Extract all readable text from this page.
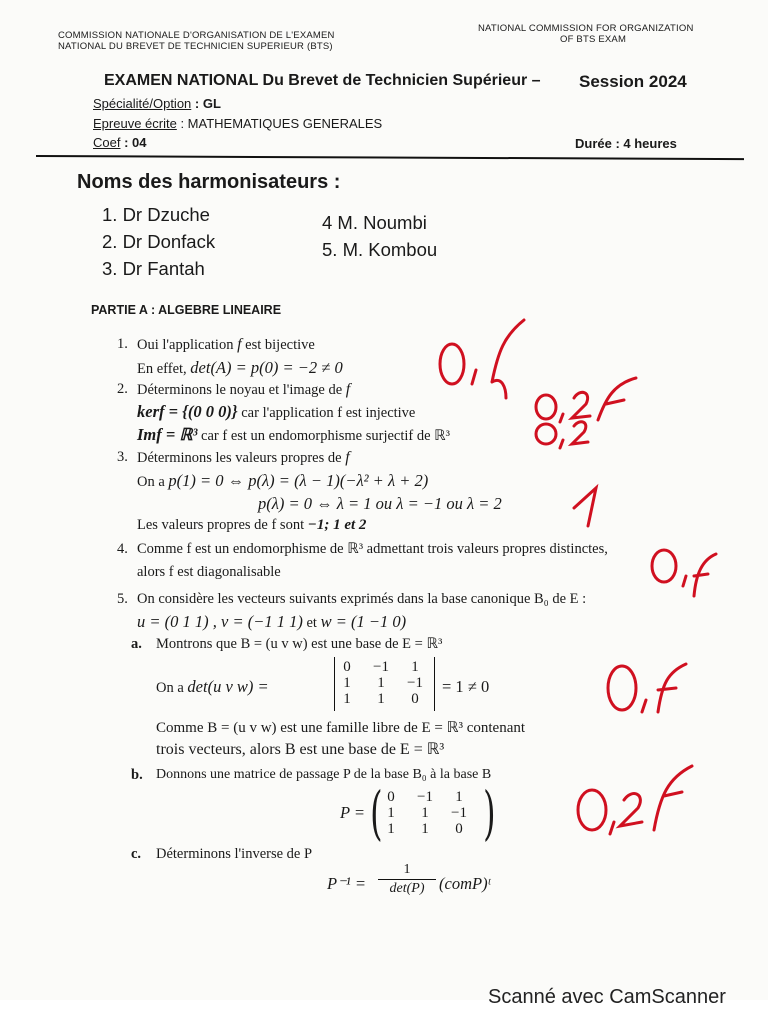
COMMISSION NATIONALE D'ORGANISATION DE L'EXAMEN
NATIONAL DU BREVET DE TECHNICIEN SUPERIEUR (BTS)
NATIONAL COMMISSION FOR ORGANIZATION
OF BTS EXAM
EXAMEN NATIONAL Du Brevet de Technicien Supérieur – Session 2024
Spécialité/Option : GL
Epreuve écrite : MATHEMATIQUES GENERALES
Coef : 04	Durée : 4 heures
Noms des harmonisateurs :
1. Dr Dzuche
2. Dr Donfack
3. Dr Fantah
4 M. Noumbi
5. M. Kombou
PARTIE A : ALGEBRE LINEAIRE
1. Oui l'application f est bijective
En effet, det(A) = p(0) = −2 ≠ 0
2. Déterminons le noyau et l'image de f
kerf = {(0 0 0)} car l'application f est injective
Imf = ℝ³ car f est un endomorphisme surjectif de ℝ³
3. Déterminons les valeurs propres de f
On a p(1) = 0 ⇔ p(λ) = (λ − 1)(−λ² + λ + 2)
p(λ) = 0 ⇔ λ = 1 ou λ = −1 ou λ = 2
Les valeurs propres de f sont −1; 1 et 2
4. Comme f est un endomorphisme de ℝ³ admettant trois valeurs propres distinctes,
alors f est diagonalisable
5. On considère les vecteurs suivants exprimés dans la base canonique B₀ de E :
u = (0 1 1) , v = (−1 1 1) et w = (1 −1 0)
a. Montrons que B = (u v w) est une base de E = ℝ³
On a det(u v w) =
0	−1	1
1	1	−1
1	1	0
= 1 ≠ 0
Comme B = (u v w) est une famille libre de E = ℝ³ contenant
trois vecteurs, alors B est une base de E = ℝ³
b. Donnons une matrice de passage P de la base B₀ à la base B
P = ( 0	−1	1
1	1	−1
1	1	0 )
c. Déterminons l'inverse de P
P⁻¹ =
1
det(P) (comP)ᵗ
Scanné avec CamScanner
